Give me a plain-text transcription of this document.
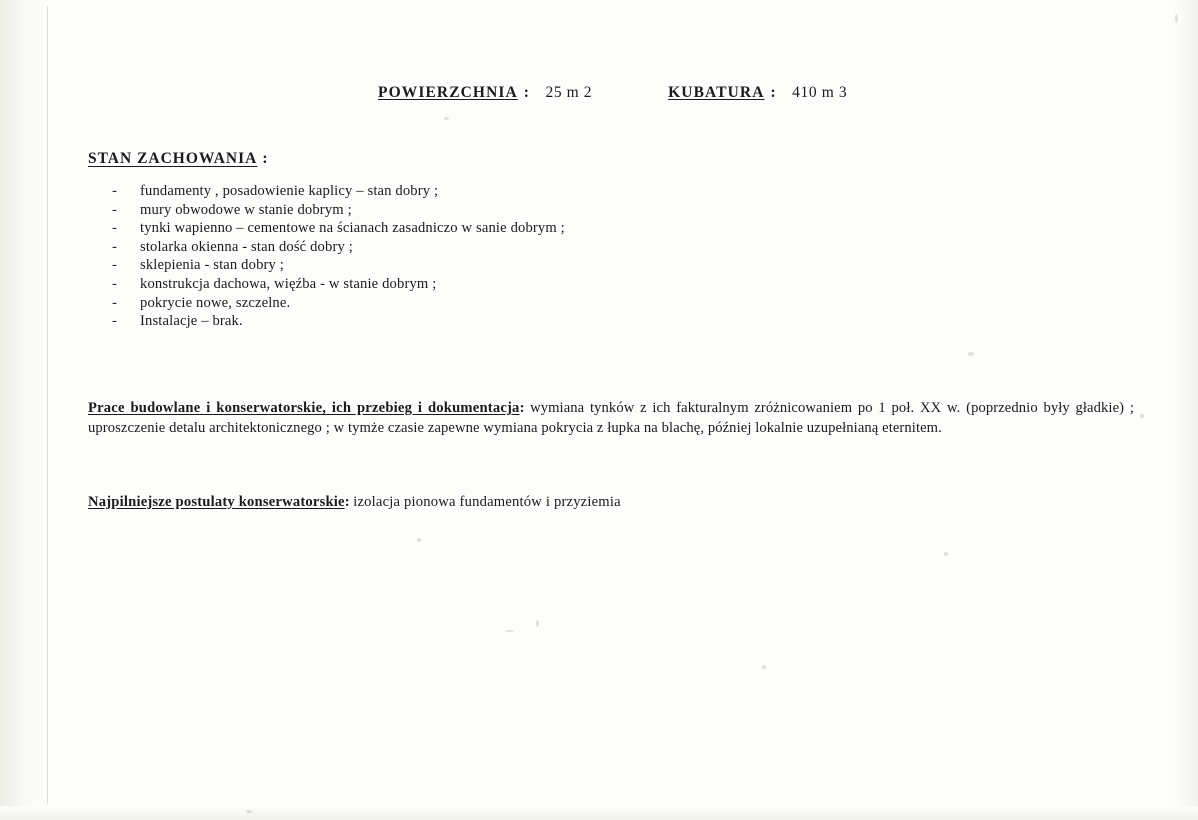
POWIERZCHNIA : 25 m 2	KUBATURA : 410 m 3
STAN ZACHOWANIA :
-	fundamenty , posadowienie kaplicy – stan dobry ;
-	mury obwodowe w stanie dobrym ;
-	tynki wapienno – cementowe na ścianach zasadniczo w sanie dobrym ;
-	stolarka okienna - stan dość dobry ;
-	sklepienia - stan dobry ;
-	konstrukcja dachowa, więźba - w stanie dobrym ;
-	pokrycie nowe, szczelne.
-	Instalacje – brak.
Prace budowlane i konserwatorskie, ich przebieg i dokumentacja: wymiana tynków z ich fakturalnym zróżnicowaniem po 1 poł. XX w. (poprzednio były gładkie) ; uproszczenie detalu architektonicznego ; w tymże czasie zapewne wymiana pokrycia z łupka na blachę, później lokalnie uzupełnianą eternitem.
Najpilniejsze postulaty konserwatorskie: izolacja pionowa fundamentów i przyziemia
